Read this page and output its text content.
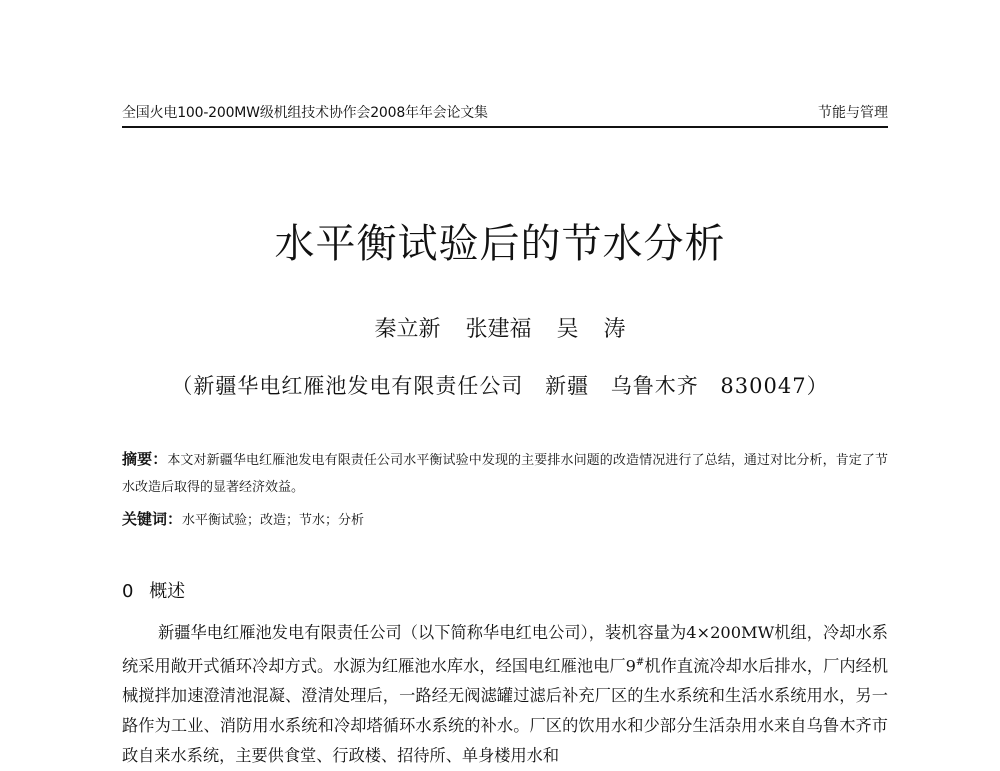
全国火电100-200MW级机组技术协作会2008年年会论文集	节能与管理
水平衡试验后的节水分析
秦立新 张建福 吴 涛
（新疆华电红雁池发电有限责任公司 新疆 乌鲁木齐 830047）
摘要：本文对新疆华电红雁池发电有限责任公司水平衡试验中发现的主要排水问题的改造情况进行了总结，通过对比分析，肯定了节水改造后取得的显著经济效益。
关键词：水平衡试验；改造；节水；分析
0 概述
新疆华电红雁池发电有限责任公司（以下简称华电红电公司），装机容量为4×200MW机组，冷却水系统采用敞开式循环冷却方式。水源为红雁池水库水，经国电红雁池电厂9#机作直流冷却水后排水，厂内经机械搅拌加速澄清池混凝、澄清处理后，一路经无阀滤罐过滤后补充厂区的生水系统和生活水系统用水，另一路作为工业、消防用水系统和冷却塔循环水系统的补水。厂区的饮用水和少部分生活杂用水来自乌鲁木齐市政自来水系统，主要供食堂、行政楼、招待所、单身楼用水和
